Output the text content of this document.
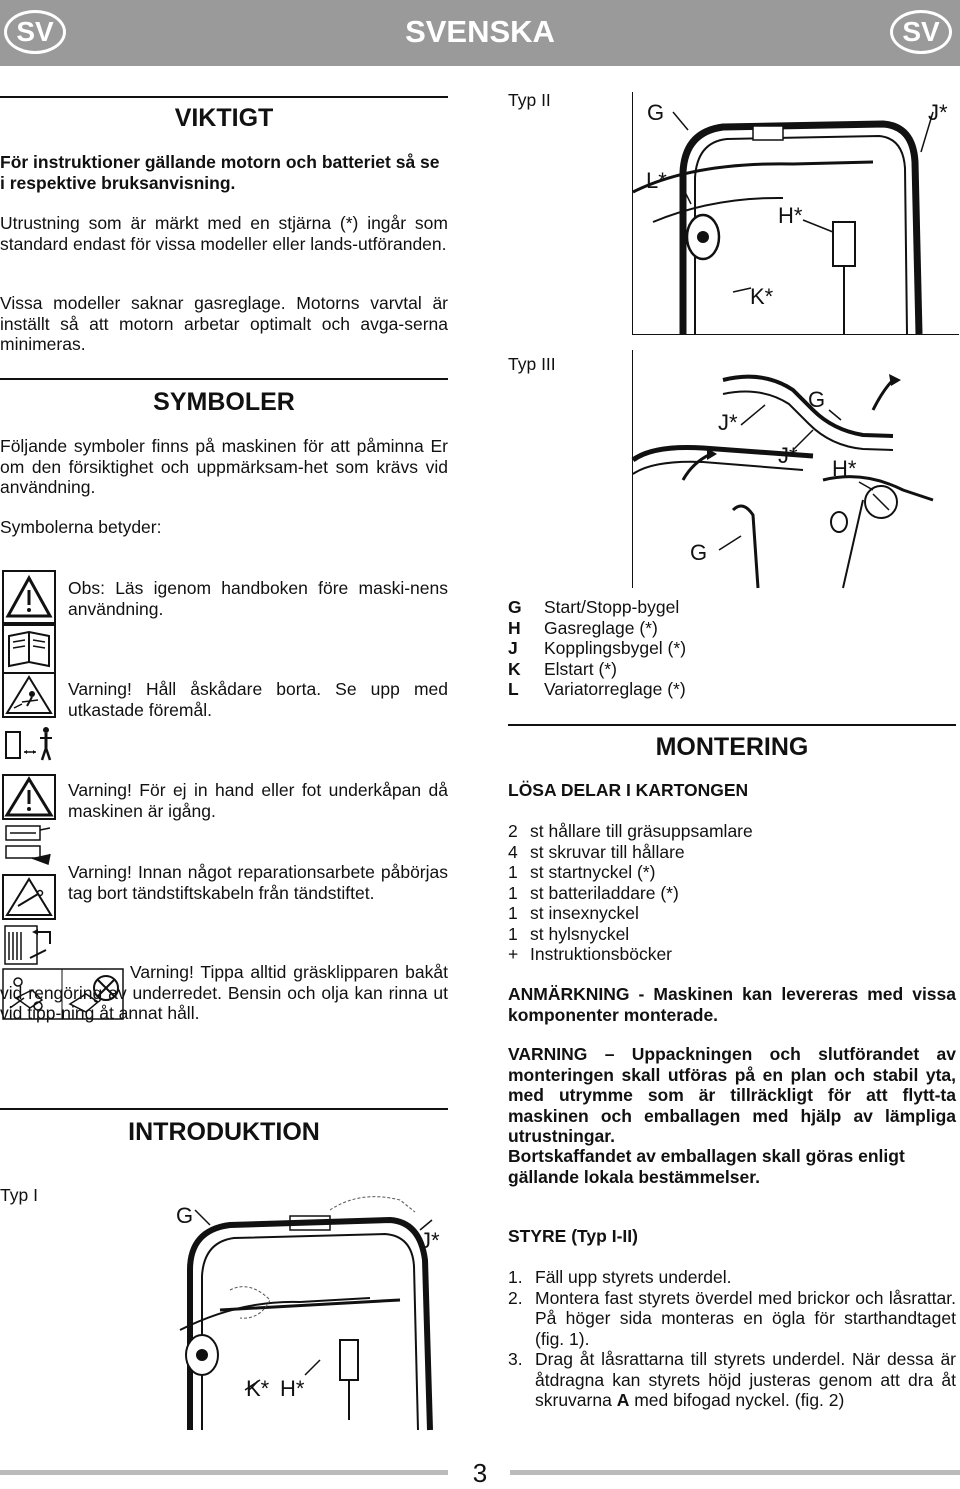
SV	SVENSKA	SV
VIKTIGT
För instruktioner gällande motorn och batteriet så se i respektive bruksanvisning.
Utrustning som är märkt med en stjärna (*) ingår som standard endast för vissa modeller eller lands-utföranden.
Vissa modeller saknar gasreglage. Motorns varvtal är inställt så att motorn arbetar optimalt och avga-serna minimeras.
SYMBOLER
Följande symboler finns på maskinen för att påminna Er om den försiktighet och uppmärksam-het som krävs vid användning.
Symbolerna betyder:
Obs: Läs igenom handboken före maski-nens användning.
Varning! Håll åskådare borta. Se upp med utkastade föremål.
Varning! För ej in hand eller fot underkåpan då maskinen är igång.
Varning! Innan något reparationsarbete påbörjas tag bort tändstiftskabeln från tändstiftet.
Varning! Tippa alltid gräsklipparen bakåt vid rengöring av underredet. Bensin och olja kan rinna ut vid tipp-ning åt annat håll.
INTRODUKTION
Typ I
G
J*
K* H*
Typ II	G	J*
L*
H*
K*
Typ III
J*
G
J*
H*
G
G Start/Stopp-bygel
H Gasreglage (*)
J Kopplingsbygel (*)
K Elstart (*)
L Variatorreglage (*)
MONTERING
LÖSA DELAR I KARTONGEN
2 st hållare till gräsuppsamlare
4 st skruvar till hållare
1 st startnyckel (*)
1 st batteriladdare (*)
1 st insexnyckel
1 st hylsnyckel
+ Instruktionsböcker
ANMÄRKNING - Maskinen kan levereras med vissa komponenter monterade.
VARNING – Uppackningen och slutförandet av monteringen skall utföras på en plan och stabil yta, med utrymme som är tillräckligt för att flytt-ta maskinen och emballagen med hjälp av lämpliga utrustningar.
Bortskaffandet av emballagen skall göras enligt gällande lokala bestämmelser.
STYRE (Typ I-II)
1. Fäll upp styrets underdel.
2. Montera fast styrets överdel med brickor och låsrattar. På höger sida monteras en ögla för starthandtaget (fig. 1).
3. Drag åt låsrattarna till styrets underdel. När dessa är åtdragna kan styrets höjd justeras genom att dra åt skruvarna A med bifogad nyckel. (fig. 2)
3
